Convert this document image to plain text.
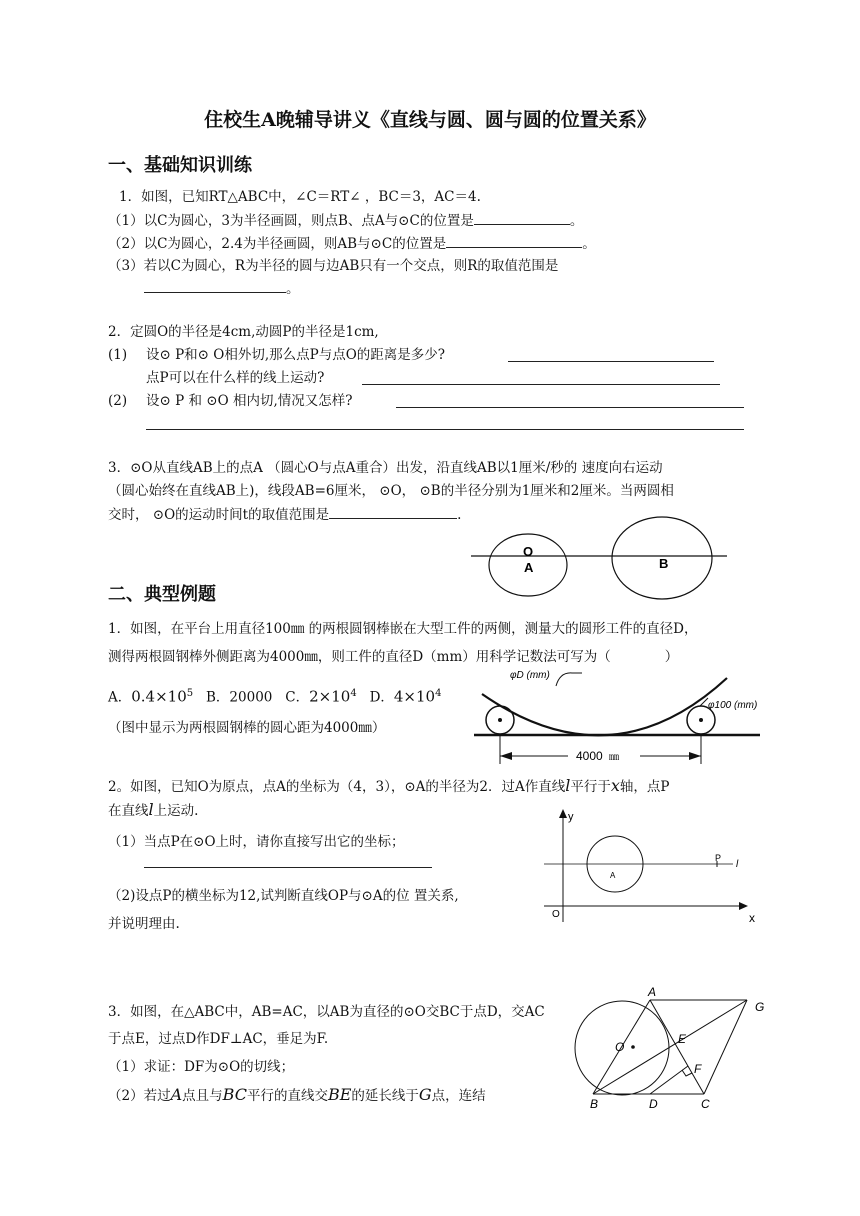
住校生A晚辅导讲义《直线与圆、圆与圆的位置关系》
一、基础知识训练
1．如图，已知RT△ABC中，∠C＝RT∠ ，BC＝3，AC＝4.
（1）以C为圆心，3为半径画圆，则点B、点A与⊙C的位置是	。
（2）以C为圆心，2.4为半径画圆，则AB与⊙C的位置是	。
（3）若以C为圆心，R为半径的圆与边AB只有一个交点，则R的取值范围是
。
2．定圆O的半径是4cm,动圆P的半径是1cm,
(1) 设⊙ P和⊙ O相外切,那么点P与点O的距离是多少?
点P可以在什么样的线上运动?
(2) 设⊙ P 和 ⊙O 相内切,情况又怎样?
3．⊙O从直线AB上的点A （圆心O与点A重合）出发，沿直线AB以1厘米/秒的 速度向右运动
（圆心始终在直线AB上)，线段AB=6厘米， ⊙O， ⊙B的半径分别为1厘米和2厘米。当两圆相
交时， ⊙O的运动时间t的取值范围是	.
O
A	B
二、典型例题
1．如图，在平台上用直径100㎜ 的两根圆钢棒嵌在大型工件的两侧，测量大的圆形工件的直径D，
测得两根圆钢棒外侧距离为4000㎜，则工件的直径D（mm）用科学记数法可写为（　　　　）
A．$0.4\times 10^5$ B．20000 C．$2\times 10^4$ D．$4\times 10^4$
（图中显示为两根圆钢棒的圆心距为4000㎜）
φD (mm)
φ100 (mm)
4000 ㎜
2。如图，已知O为原点，点A的坐标为（4，3），⊙A的半径为2．过A作直线l平行于x轴，点P
在直线l上运动.
（1）当点P在⊙O上时，请你直接写出它的坐标；
（2)设点P的横坐标为12,试判断直线OP与⊙A的位 置关系,
并说明理由.
y
x
O
A
P
l
3．如图，在△ABC中，AB=AC，以AB为直径的⊙O交BC于点D，交AC
于点E，过点D作DF⊥AC，垂足为F.
（1）求证：DF为⊙O的切线；
（2）若过A点且与BC平行的直线交BE的延长线于G点，连结
A
G
O
E
F
B	D	C
